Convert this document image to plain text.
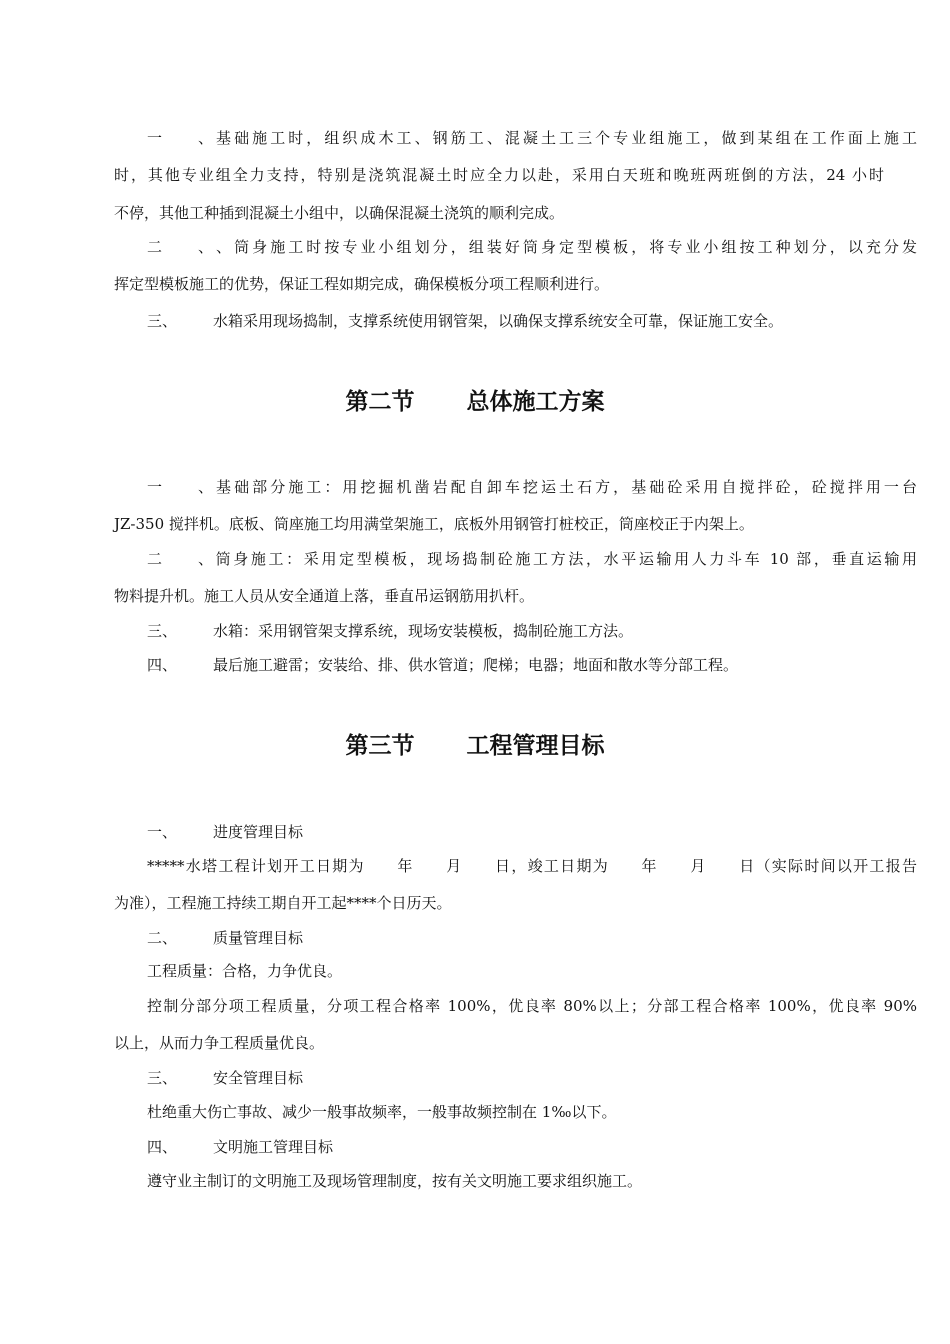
一、基础施工时，组织成木工、钢筋工、混凝土工三个专业组施工，做到某组在工作面上施工
时，其他专业组全力支持，特别是浇筑混凝土时应全力以赴，采用白天班和晚班两班倒的方法，24 小时
不停，其他工种插到混凝土小组中，以确保混凝土浇筑的顺利完成。
二、、筒身施工时按专业小组划分，组装好筒身定型模板，将专业小组按工种划分，以充分发
挥定型模板施工的优势，保证工程如期完成，确保模板分项工程顺利进行。
三、 水箱采用现场捣制，支撑系统使用钢管架，以确保支撑系统安全可靠，保证施工安全。
第二节 总体施工方案
一、基础部分施工：用挖掘机凿岩配自卸车挖运土石方，基础砼采用自搅拌砼，砼搅拌用一台
JZ-350 搅拌机。底板、筒座施工均用满堂架施工，底板外用钢管打桩校正，筒座校正于内架上。
二、筒身施工：采用定型模板，现场捣制砼施工方法，水平运输用人力斗车 10 部，垂直运输用
物料提升机。施工人员从安全通道上落，垂直吊运钢筋用扒杆。
三、 水箱：采用钢管架支撑系统，现场安装模板，捣制砼施工方法。
四、 最后施工避雷；安装给、排、供水管道；爬梯；电器；地面和散水等分部工程。
第三节 工程管理目标
一、 进度管理目标
*****水塔工程计划开工日期为　　年　　月　　日，竣工日期为　　年　　月　　日（实际时间以开工报告
为准），工程施工持续工期自开工起****个日历天。
二、 质量管理目标
工程质量：合格，力争优良。
控制分部分项工程质量，分项工程合格率 100%，优良率 80%以上；分部工程合格率 100%，优良率 90%
以上，从而力争工程质量优良。
三、 安全管理目标
杜绝重大伤亡事故、减少一般事故频率，一般事故频控制在 1‰以下。
四、 文明施工管理目标
遵守业主制订的文明施工及现场管理制度，按有关文明施工要求组织施工。
